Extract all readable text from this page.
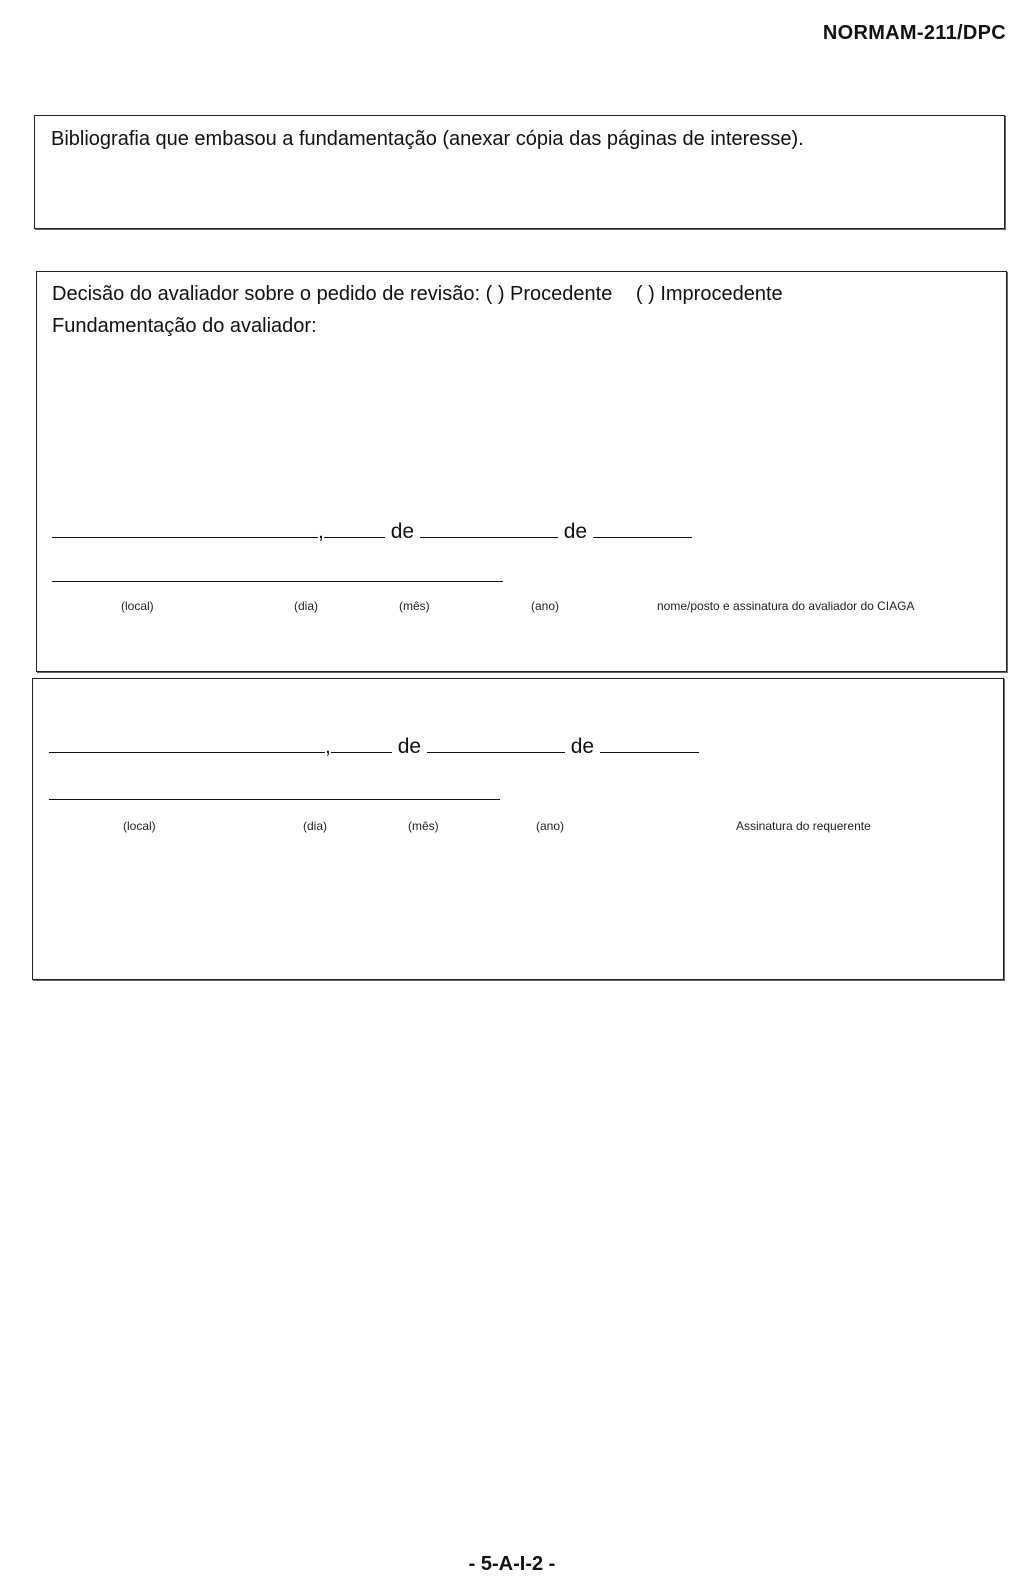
NORMAM-211/DPC
Bibliografia que embasou a fundamentação (anexar cópia das páginas de interesse).
Decisão do avaliador sobre o pedido de revisão: ( ) Procedente ( ) Improcedente
Fundamentação do avaliador:
,	de	de
(local)	(dia)	(mês)	(ano)	nome/posto e assinatura do avaliador do CIAGA
,	de	de
(local)	(dia)	(mês)	(ano)	Assinatura do requerente
- 5-A-I-2 -
